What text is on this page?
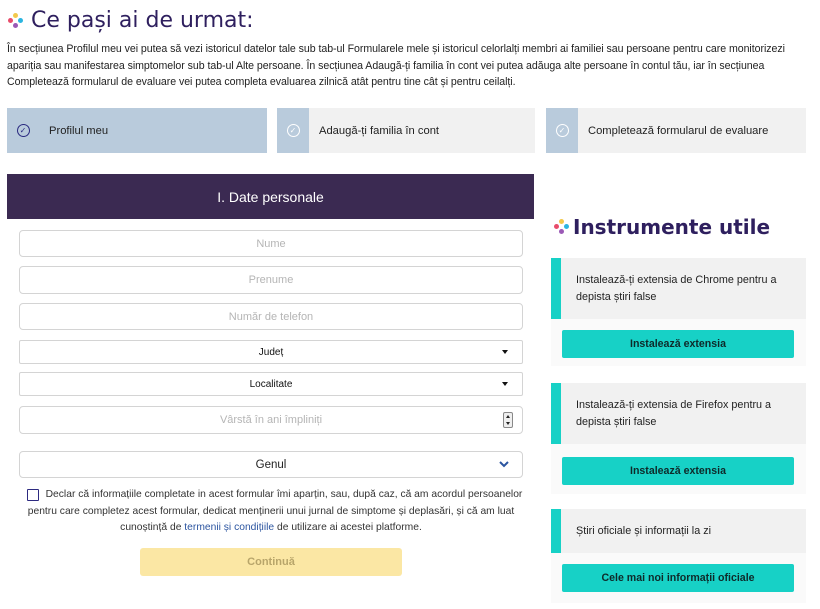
Ce pași ai de urmat:

În secțiunea Profilul meu vei putea să vezi istoricul datelor tale sub tab-ul Formularele mele și istoricul celorlalți membri ai familiei sau persoane pentru care monitorizezi apariția sau manifestarea simptomelor sub tab-ul Alte persoane. În secțiunea Adaugă-ți familia în cont vei putea adăuga alte persoane în contul tău, iar în secțiunea Completează formularul de evaluare vei putea completa evaluarea zilnică atât pentru tine cât și pentru ceilalți.

✓	Profilul meu	✓	Adaugă-ți familia în cont	✓	Completează formularul de evaluare
I. Date personale
Nume
Prenume
Număr de telefon
Județ
Localitate
Vârstă în ani împliniți
Genul

Declar că informațiile completate in acest formular îmi aparțin, sau, după caz, că am acordul persoanelor pentru care completez acest formular, dedicat menținerii unui jurnal de simptome și deplasări, și că am luat cunoștință de termenii și condițiile de utilizare ai acestei platforme.

Continuă
Instrumente utile
Instalează-ți extensia de Chrome pentru a depista știri false
Instalează extensia
Instalează-ți extensia de Firefox pentru a depista știri false
Instalează extensia
Știri oficiale și informații la zi
Cele mai noi informații oficiale
